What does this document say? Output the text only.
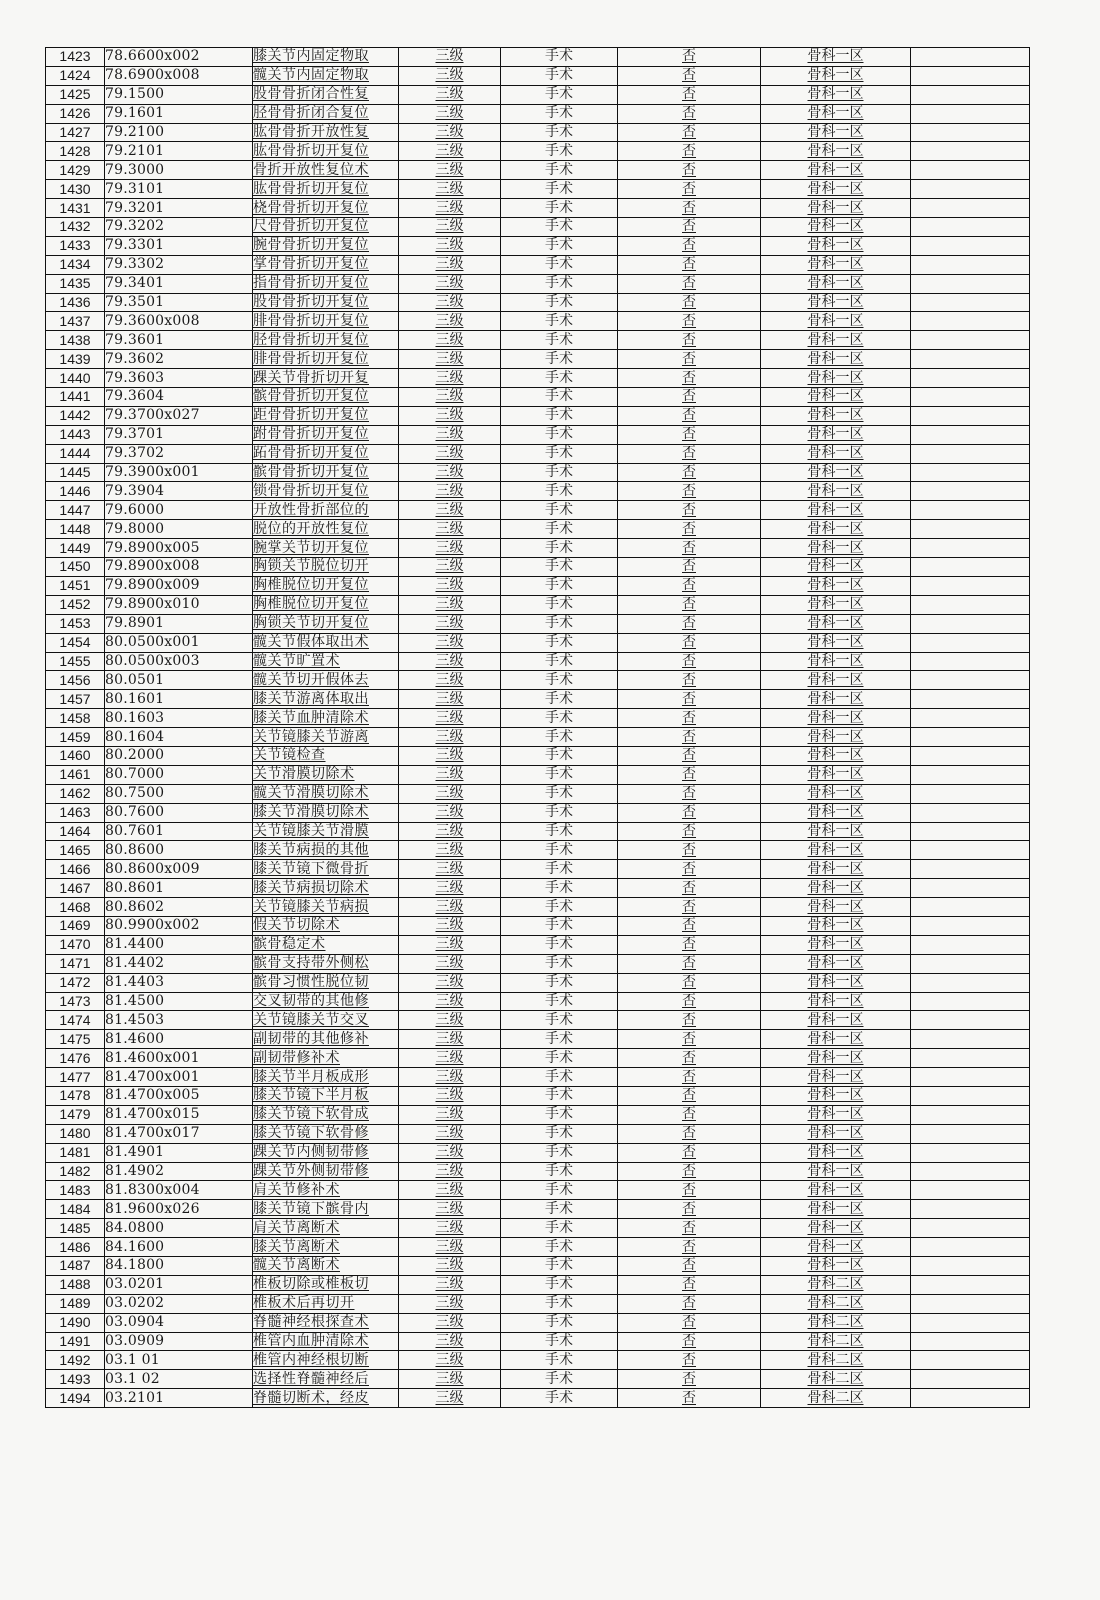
1423	78.6600x002	膝关节内固定物取	三级	手术	否	骨科一区	
1424	78.6900x008	髋关节内固定物取	三级	手术	否	骨科一区	
1425	79.1500	股骨骨折闭合性复	三级	手术	否	骨科一区	
1426	79.1601	胫骨骨折闭合复位	三级	手术	否	骨科一区	
1427	79.2100	肱骨骨折开放性复	三级	手术	否	骨科一区	
1428	79.2101	肱骨骨折切开复位	三级	手术	否	骨科一区	
1429	79.3000	骨折开放性复位术	三级	手术	否	骨科一区	
1430	79.3101	肱骨骨折切开复位	三级	手术	否	骨科一区	
1431	79.3201	桡骨骨折切开复位	三级	手术	否	骨科一区	
1432	79.3202	尺骨骨折切开复位	三级	手术	否	骨科一区	
1433	79.3301	腕骨骨折切开复位	三级	手术	否	骨科一区	
1434	79.3302	掌骨骨折切开复位	三级	手术	否	骨科一区	
1435	79.3401	指骨骨折切开复位	三级	手术	否	骨科一区	
1436	79.3501	股骨骨折切开复位	三级	手术	否	骨科一区	
1437	79.3600x008	腓骨骨折切开复位	三级	手术	否	骨科一区	
1438	79.3601	胫骨骨折切开复位	三级	手术	否	骨科一区	
1439	79.3602	腓骨骨折切开复位	三级	手术	否	骨科一区	
1440	79.3603	踝关节骨折切开复	三级	手术	否	骨科一区	
1441	79.3604	髌骨骨折切开复位	三级	手术	否	骨科一区	
1442	79.3700x027	距骨骨折切开复位	三级	手术	否	骨科一区	
1443	79.3701	跗骨骨折切开复位	三级	手术	否	骨科一区	
1444	79.3702	跖骨骨折切开复位	三级	手术	否	骨科一区	
1445	79.3900x001	髌骨骨折切开复位	三级	手术	否	骨科一区	
1446	79.3904	锁骨骨折切开复位	三级	手术	否	骨科一区	
1447	79.6000	开放性骨折部位的	三级	手术	否	骨科一区	
1448	79.8000	脱位的开放性复位	三级	手术	否	骨科一区	
1449	79.8900x005	腕掌关节切开复位	三级	手术	否	骨科一区	
1450	79.8900x008	胸锁关节脱位切开	三级	手术	否	骨科一区	
1451	79.8900x009	胸椎脱位切开复位	三级	手术	否	骨科一区	
1452	79.8900x010	胸椎脱位切开复位	三级	手术	否	骨科一区	
1453	79.8901	胸锁关节切开复位	三级	手术	否	骨科一区	
1454	80.0500x001	髋关节假体取出术	三级	手术	否	骨科一区	
1455	80.0500x003	髋关节旷置术	三级	手术	否	骨科一区	
1456	80.0501	髋关节切开假体去	三级	手术	否	骨科一区	
1457	80.1601	膝关节游离体取出	三级	手术	否	骨科一区	
1458	80.1603	膝关节血肿清除术	三级	手术	否	骨科一区	
1459	80.1604	关节镜膝关节游离	三级	手术	否	骨科一区	
1460	80.2000	关节镜检查	三级	手术	否	骨科一区	
1461	80.7000	关节滑膜切除术	三级	手术	否	骨科一区	
1462	80.7500	髋关节滑膜切除术	三级	手术	否	骨科一区	
1463	80.7600	膝关节滑膜切除术	三级	手术	否	骨科一区	
1464	80.7601	关节镜膝关节滑膜	三级	手术	否	骨科一区	
1465	80.8600	膝关节病损的其他	三级	手术	否	骨科一区	
1466	80.8600x009	膝关节镜下微骨折	三级	手术	否	骨科一区	
1467	80.8601	膝关节病损切除术	三级	手术	否	骨科一区	
1468	80.8602	关节镜膝关节病损	三级	手术	否	骨科一区	
1469	80.9900x002	假关节切除术	三级	手术	否	骨科一区	
1470	81.4400	髌骨稳定术	三级	手术	否	骨科一区	
1471	81.4402	髌骨支持带外侧松	三级	手术	否	骨科一区	
1472	81.4403	髌骨习惯性脱位韧	三级	手术	否	骨科一区	
1473	81.4500	交叉韧带的其他修	三级	手术	否	骨科一区	
1474	81.4503	关节镜膝关节交叉	三级	手术	否	骨科一区	
1475	81.4600	副韧带的其他修补	三级	手术	否	骨科一区	
1476	81.4600x001	副韧带修补术	三级	手术	否	骨科一区	
1477	81.4700x001	膝关节半月板成形	三级	手术	否	骨科一区	
1478	81.4700x005	膝关节镜下半月板	三级	手术	否	骨科一区	
1479	81.4700x015	膝关节镜下软骨成	三级	手术	否	骨科一区	
1480	81.4700x017	膝关节镜下软骨修	三级	手术	否	骨科一区	
1481	81.4901	踝关节内侧韧带修	三级	手术	否	骨科一区	
1482	81.4902	踝关节外侧韧带修	三级	手术	否	骨科一区	
1483	81.8300x004	肩关节修补术	三级	手术	否	骨科一区	
1484	81.9600x026	膝关节镜下髌骨内	三级	手术	否	骨科一区	
1485	84.0800	肩关节离断术	三级	手术	否	骨科一区	
1486	84.1600	膝关节离断术	三级	手术	否	骨科一区	
1487	84.1800	髋关节离断术	三级	手术	否	骨科一区	
1488	03.0201	椎板切除或椎板切	三级	手术	否	骨科二区	
1489	03.0202	椎板术后再切开	三级	手术	否	骨科二区	
1490	03.0904	脊髓神经根探查术	三级	手术	否	骨科二区	
1491	03.0909	椎管内血肿清除术	三级	手术	否	骨科二区	
1492	03.1 01	椎管内神经根切断	三级	手术	否	骨科二区	
1493	03.1 02	选择性脊髓神经后	三级	手术	否	骨科二区	
1494	03.2101	脊髓切断术，经皮	三级	手术	否	骨科二区	
